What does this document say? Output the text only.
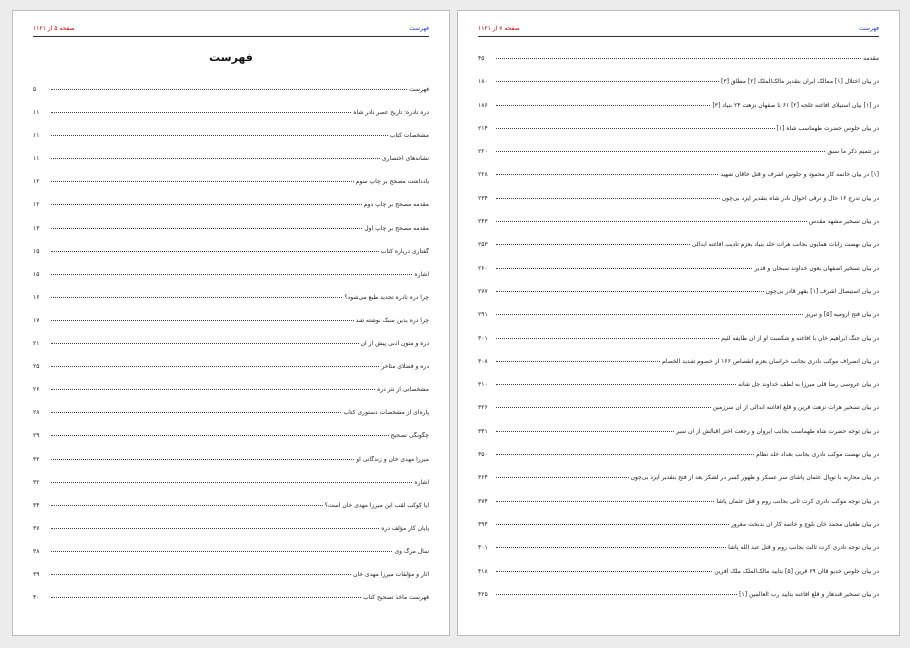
صفحه ۵ از ۱۱۲۱	فهرست
فهرست
فهرست
۵
دره نادره: تاریخ عصر نادر شاه
۱۱
مشخصات کتاب
۱۱
نشانه‌های اختصاری
۱۱
یادداشت مصحح بر چاپ سوم
۱۲
مقدمه مصحح بر چاپ دوم
۱۲
مقدمه مصحح بر چاپ اول
۱۳
گفتاری درباره کتاب
۱۵
اشاره
۱۵
چرا دره نادره تجدید طبع می‌شود؟
۱۶
چرا دره بدین سبک نوشته شد
۱۷
دره و متون ادبی پیش از آن
۲۱
دره و فضلای متأخر
۲۵
مشخصاتی از نثر دره
۲۶
پاره‌ای از مشخصات دستوری کتاب
۲۸
چگونگی تصحیح
۲۹
میرزا مهدی خان و زندگانی او
۳۲
اشاره
۳۲
آیا کوکب لقب این میرزا مهدی خان است؟
۳۴
پایان کار مؤلف دره
۳۷
سال مرگ وی
۳۸
آثار و مؤلفات میرزا مهدی خان
۳۹
فهرست مآخذ تصحیح کتاب
۴۰
صفحه ۷ از ۱۱۲۱	فهرست
مقدمه
۴۵
در بیان اختلال [۱] ممالک ایران بتقدیر مالک‌الملک [۲] مطلق [۳]
۱۸۰
در [۱] بیان استیلای افاغنه غلجه [۲] ۶۱ با صفهان نزهت ۲۴ بنیاد [۳]
۱۸۶
در بیان جلوس حضرت طهماسب شاه [۱]
۲۱۴
در تتمیم ذکر ما سبق
۲۲۰
[۱] در بیان خاتمه کار محمود و جلوس اشرف و قتل خاقان شهید
۲۲۸
در بیان تدرج ۱۶ حال و ترقی احوال نادر شاه بتقدیر ایزد بی‌چون
۲۳۴
در بیان تسخیر مشهد مقدس
۲۴۳
در بیان نهضت رایات همایون بجانب هرات خلد بنیاد بعزم تأدیب افاغنه ابدالی
۲۵۳
در بیان تسخیر اصفهان بعون خداوند سبحان و قدیر
۲۶۰
در بیان استیصال اشرف [۱] بقهر قادر بی‌چون
۲۷۷
در بیان فتح ارومیه [۵] و تبریز
۲۹۱
در بیان جنگ ابراهیم خان با افاغنه و شکست او از آن طایفه لئیم
۳۰۱
در بیان انصراف موکب نادری بجانب خراسان بعزم انقصاص ۱۶۶ از خصوم شدید الخصام
۳۰۸
در بیان عروسی رضا قلی میرزا به لطف خداوند جل شأنه
۳۱۰
در بیان تسخیر هرات نزهت قرین و قلع افاغنه ابدالی از آن سرزمین
۳۲۶
در بیان توجه حضرت شاه طهماسب بجانب ایروان و رجعت اختر اقبالش از آن سیر
۳۴۱
در بیان نهضت موکب نادری بجانب بغداد خلد نظام
۳۵۰
در بیان محاربه با توپال عثمان پاشای سر عسکر و ظهور کسر در لشکر بعد از فتح بتقدیر ایزد بی‌چون
۳۶۴
در بیان توجه موکب نادری کرت ثانی بجانب روم و قتل عثمان پاشا
۳۷۴
در بیان طغیان محمد خان بلوچ و خاتمه کار آن بدبخت مغرور
۳۹۴
در بیان توجه نادری کرت ثالث بجانب روم و قتل عبد الله پاشا
۴۰۱
در بیان جلوس خدیو قاآن ۶۹ قرین [۵] بتأیید مالک‌الملک ملک آفرین
۴۱۸
در بیان تسخیر قندهار و قلع افاغنه بتأیید رب العالمین [۱]
۴۲۵
